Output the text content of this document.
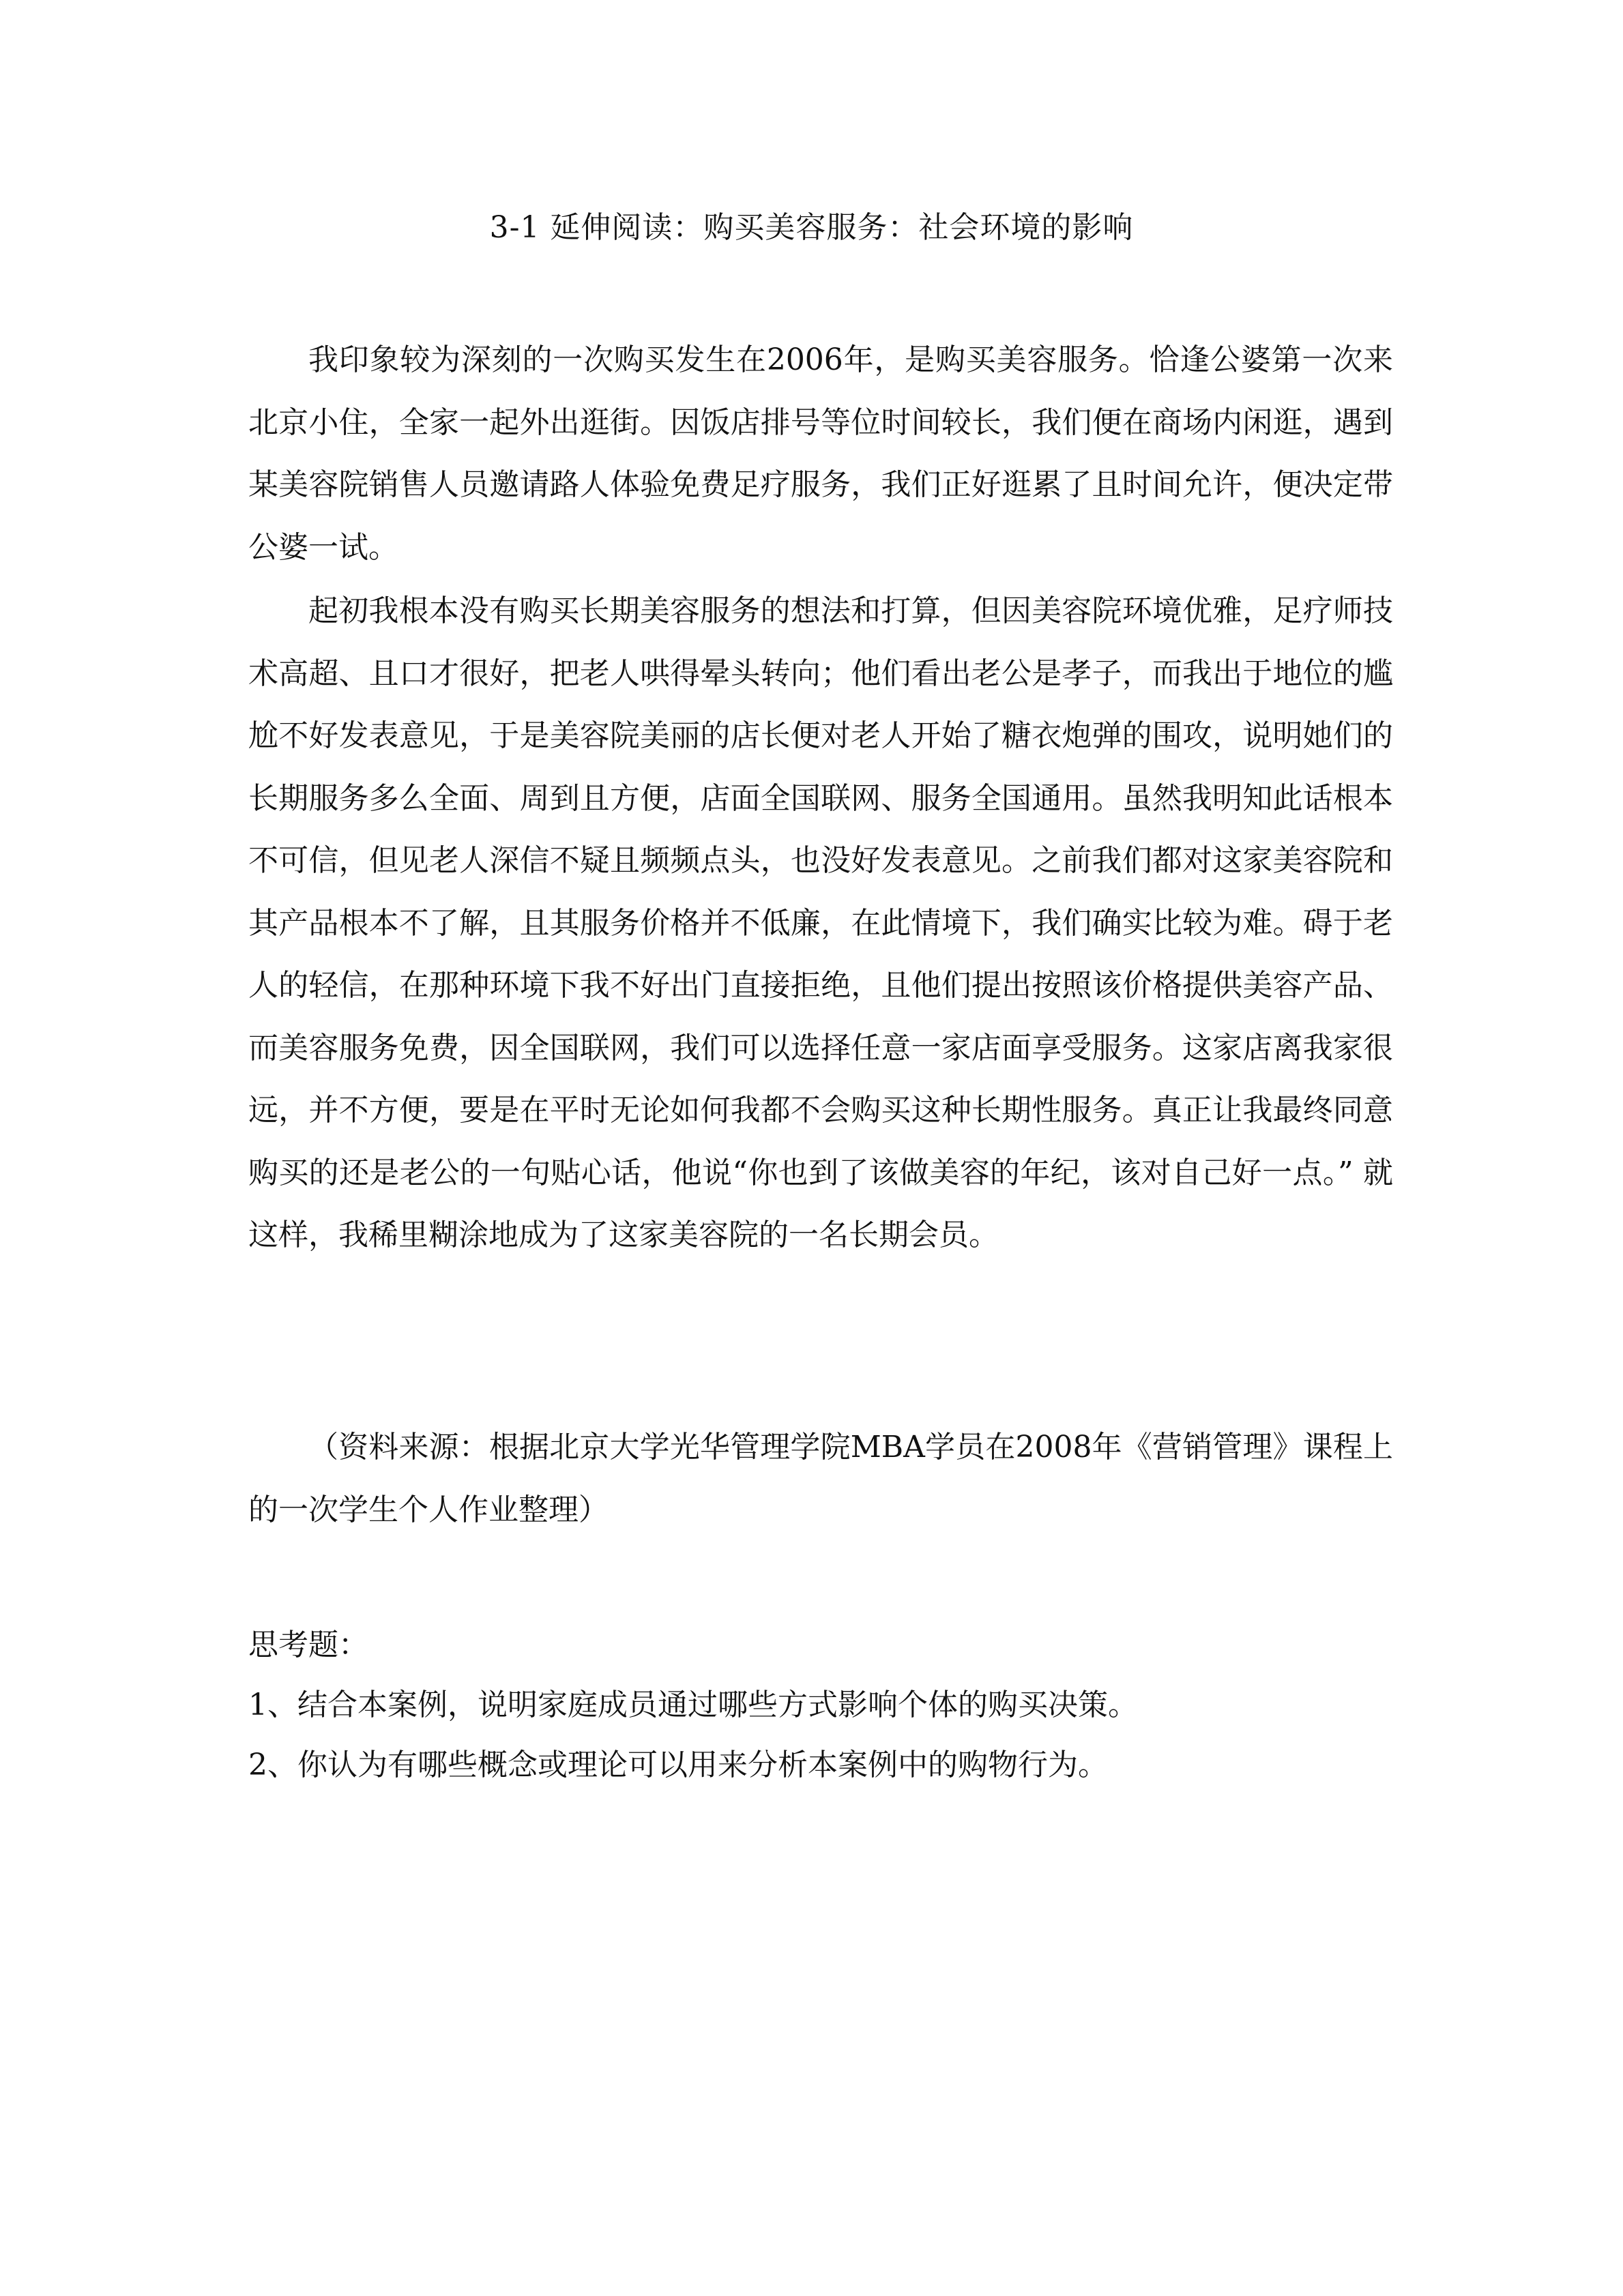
3-1 延伸阅读：购买美容服务：社会环境的影响

我印象较为深刻的一次购买发生在2006年，是购买美容服务。恰逢公婆第一次来北京小住，全家一起外出逛街。因饭店排号等位时间较长，我们便在商场内闲逛，遇到某美容院销售人员邀请路人体验免费足疗服务，我们正好逛累了且时间允许，便决定带公婆一试。

起初我根本没有购买长期美容服务的想法和打算，但因美容院环境优雅，足疗师技术高超、且口才很好，把老人哄得晕头转向；他们看出老公是孝子，而我出于地位的尴尬不好发表意见，于是美容院美丽的店长便对老人开始了糖衣炮弹的围攻，说明她们的长期服务多么全面、周到且方便，店面全国联网、服务全国通用。虽然我明知此话根本不可信，但见老人深信不疑且频频点头，也没好发表意见。之前我们都对这家美容院和其产品根本不了解，且其服务价格并不低廉，在此情境下，我们确实比较为难。碍于老人的轻信，在那种环境下我不好出门直接拒绝，且他们提出按照该价格提供美容产品、而美容服务免费，因全国联网，我们可以选择任意一家店面享受服务。这家店离我家很远，并不方便，要是在平时无论如何我都不会购买这种长期性服务。真正让我最终同意购买的还是老公的一句贴心话，他说“你也到了该做美容的年纪，该对自己好一点。” 就这样，我稀里糊涂地成为了这家美容院的一名长期会员。

（资料来源：根据北京大学光华管理学院MBA学员在2008年《营销管理》课程上的一次学生个人作业整理）

思考题：
1、结合本案例，说明家庭成员通过哪些方式影响个体的购买决策。
2、你认为有哪些概念或理论可以用来分析本案例中的购物行为。
